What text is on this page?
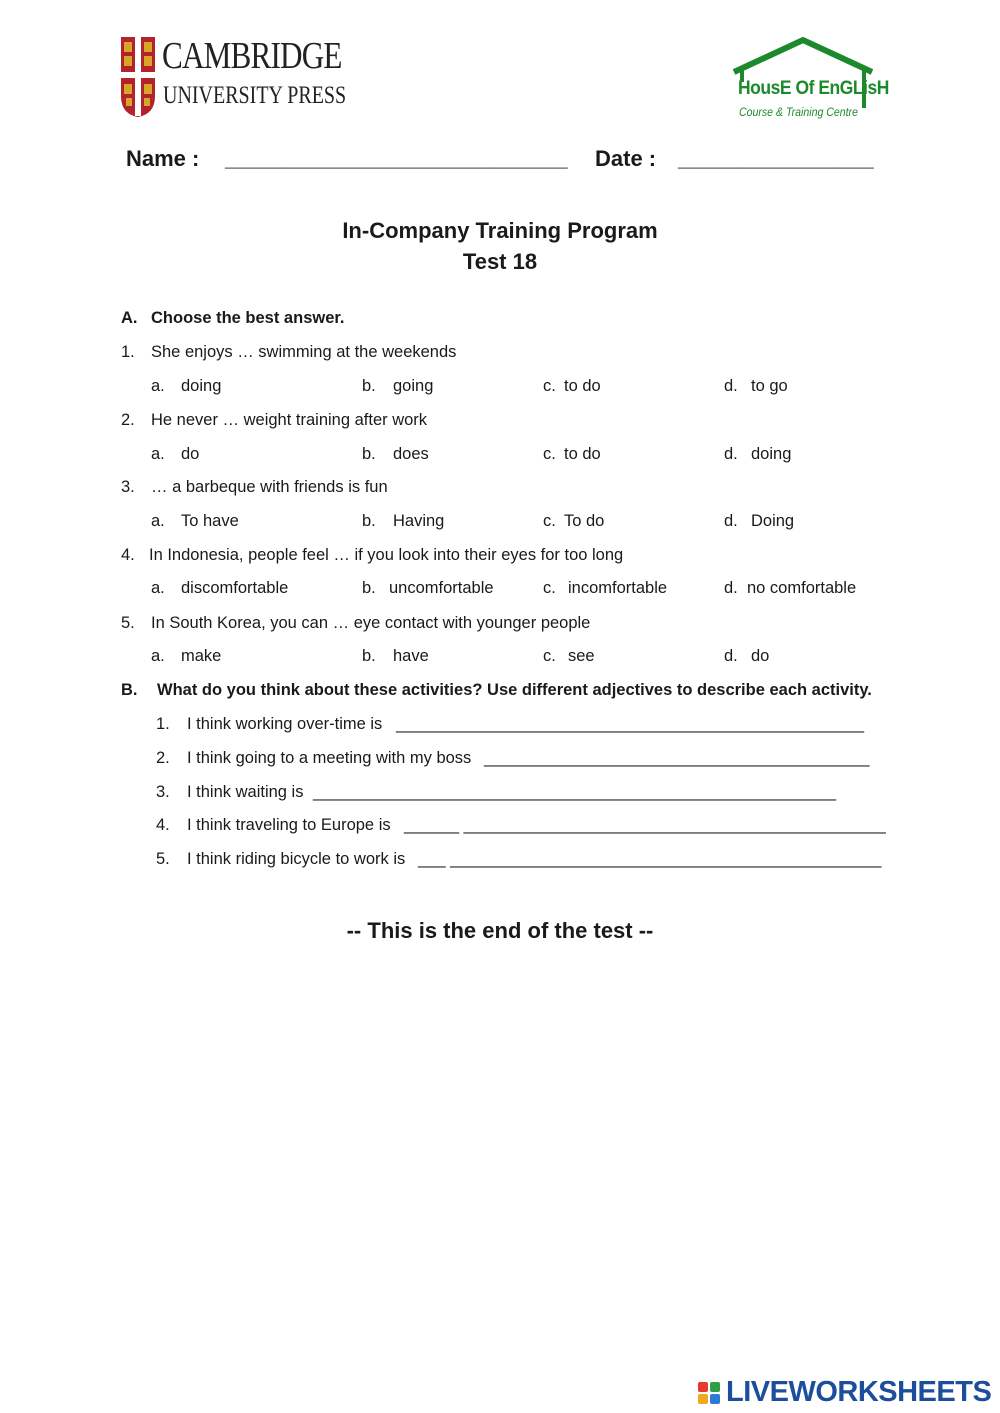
CAMBRIDGE
UNIVERSITY PRESS	HousE Of EnGLisH
Course & Training Centre
Name : ____________________________ Date : ________________
In-Company Training Program
Test 18
A. Choose the best answer.
1. She enjoys … swimming at the weekends
a. doing	b. going	c. to do	d. to go
2. He never … weight training after work
a. do	b. does	c. to do	d. doing
3. … a barbeque with friends is fun
a. To have	b. Having	c. To do	d. Doing
4. In Indonesia, people feel … if you look into their eyes for too long
a. discomfortable	b. uncomfortable	c. incomfortable	d. no comfortable
5. In South Korea, you can … eye contact with younger people
a. make	b. have	c. see	d. do
B. What do you think about these activities? Use different adjectives to describe each activity.
1. I think working over-time is ___________________________________________________
2. I think going to a meeting with my boss __________________________________________
3. I think waiting is _________________________________________________________
4. I think traveling to Europe is ______ ______________________________________________
5. I think riding bicycle to work is ___ _______________________________________________
-- This is the end of the test --
LIVEWORKSHEETS
